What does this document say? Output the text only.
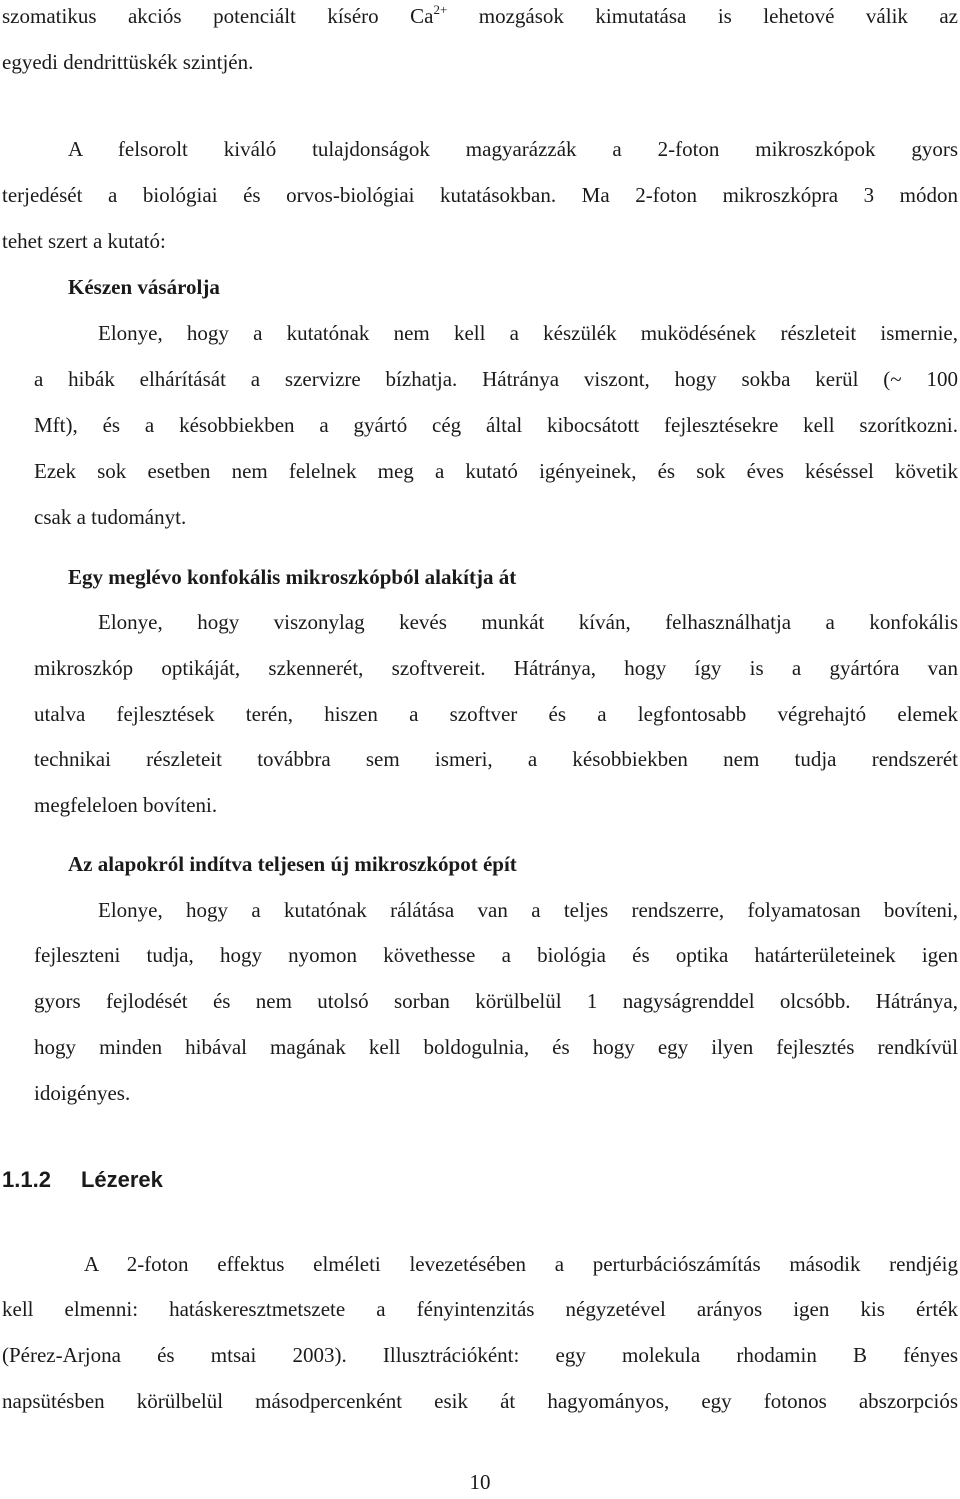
szomatikus akciós potenciált kíséro $Ca^{2+}$ mozgások kimutatása is lehetové válik az
egyedi dendrittüskék szintjén.
A felsorolt kiváló tulajdonságok magyarázzák a 2-foton mikroszkópok gyors
terjedését a biológiai és orvos-biológiai kutatásokban. Ma 2-foton mikroszkópra 3 módon
tehet szert a kutató:
Készen vásárolja
Elonye, hogy a kutatónak nem kell a készülék muködésének részleteit ismernie,
a hibák elhárítását a szervizre bízhatja. Hátránya viszont, hogy sokba kerül (~ 100
Mft), és a késobbiekben a gyártó cég által kibocsátott fejlesztésekre kell szorítkozni.
Ezek sok esetben nem felelnek meg a kutató igényeinek, és sok éves késéssel követik
csak a tudományt.
Egy meglévo konfokális mikroszkópból alakítja át
Elonye, hogy viszonylag kevés munkát kíván, felhasználhatja a konfokális
mikroszkóp optikáját, szkennerét, szoftvereit. Hátránya, hogy így is a gyártóra van
utalva fejlesztések terén, hiszen a szoftver és a legfontosabb végrehajtó elemek
technikai részleteit továbbra sem ismeri, a késobbiekben nem tudja rendszerét
megfeleloen bovíteni.
Az alapokról indítva teljesen új mikroszkópot épít
Elonye, hogy a kutatónak rálátása van a teljes rendszerre, folyamatosan bovíteni,
fejleszteni tudja, hogy nyomon követhesse a biológia és optika határterületeinek igen
gyors fejlodését és nem utolsó sorban körülbelül 1 nagyságrenddel olcsóbb. Hátránya,
hogy minden hibával magának kell boldogulnia, és hogy egy ilyen fejlesztés rendkívül
idoigényes.
1.1.2 Lézerek
A 2-foton effektus elméleti levezetésében a perturbációszámítás második rendjéig
kell elmenni: hatáskeresztmetszete a fényintenzitás négyzetével arányos igen kis érték
(Pérez-Arjona és mtsai 2003). Illusztrációként: egy molekula rhodamin B fényes
napsütésben körülbelül másodpercenként esik át hagyományos, egy fotonos abszorpciós
10
